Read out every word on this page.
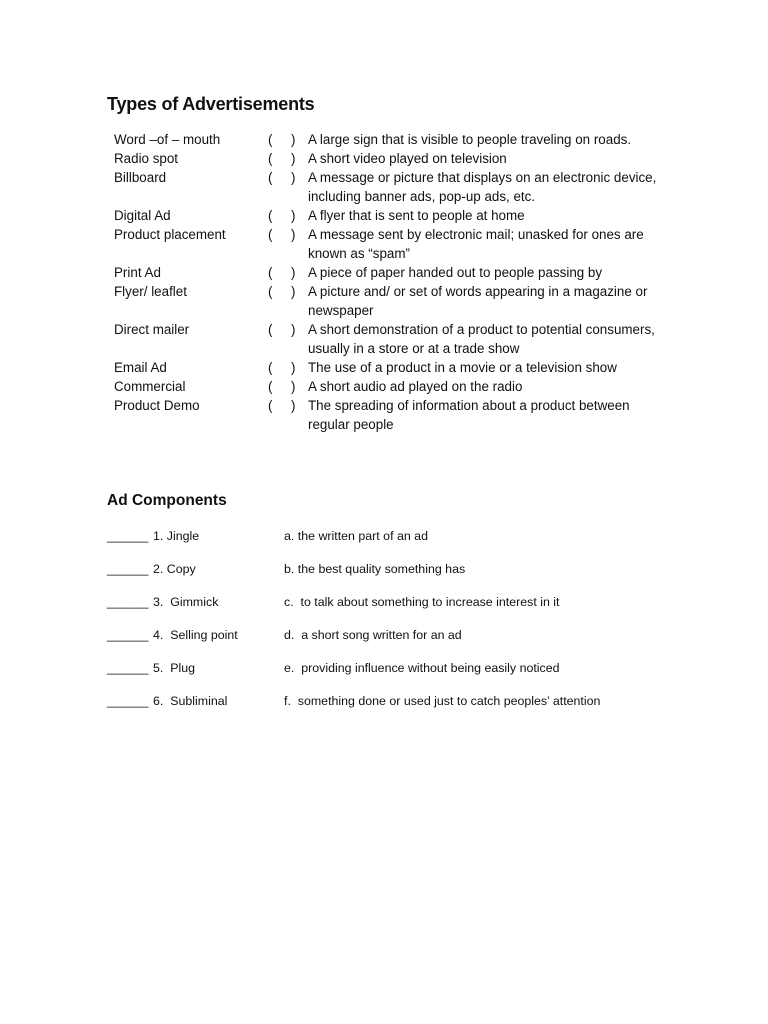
Types of Advertisements
Word –of – mouth	(     ) A large sign that is visible to people traveling on roads.
Radio spot	(     ) A short video played on television
Billboard	(     ) A message or picture that displays on an electronic device, including banner ads, pop-up ads, etc.
Digital Ad	(     ) A flyer that is sent to people at home
Product placement	(     ) A message sent by electronic mail; unasked for ones are known as “spam”
Print Ad	(     ) A piece of paper handed out to people passing by
Flyer/ leaflet	(     ) A picture and/ or set of words appearing in a magazine or newspaper
Direct mailer	(     ) A short demonstration of a product to potential consumers, usually in a store or at a trade show
Email Ad	(     ) The use of a product in a movie or a television show
Commercial	(     ) A short audio ad played on the radio
Product Demo	(     ) The spreading of information about a product between regular people
Ad Components
______ 1. Jingle	a. the written part of an ad
______ 2. Copy	b. the best quality something has
______ 3.  Gimmick	c.  to talk about something to increase interest in it
______ 4.  Selling point	d.  a short song written for an ad
______ 5.  Plug	e.  providing influence without being easily noticed
______ 6.  Subliminal	f.  something done or used just to catch peoples’ attention
